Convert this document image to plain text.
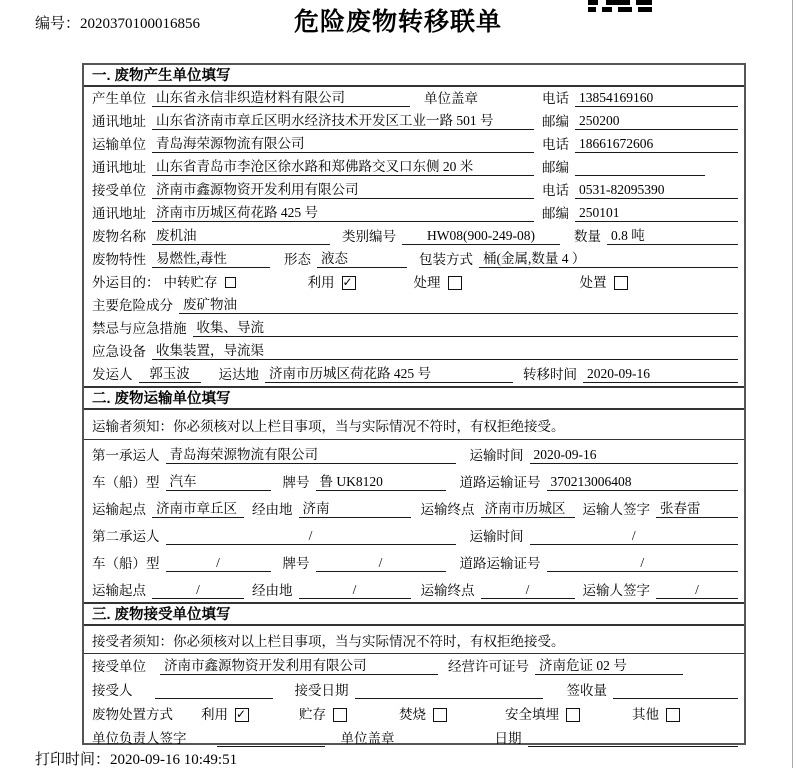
编号：2020370100016856	危险废物转移联单
一. 废物产生单位填写
产生单位 山东省永信非织造材料有限公司	单位盖章	电话 13854169160
通讯地址 山东省济南市章丘区明水经济技术开发区工业一路 501 号	邮编 250200
运输单位 青岛海荣源物流有限公司	电话 18661672606
通讯地址 山东省青岛市李沧区徐水路和郑佛路交叉口东侧 20 米	邮编
接受单位 济南市鑫源物资开发利用有限公司	电话 0531-82095390
通讯地址 济南市历城区荷花路 425 号	邮编 250101
废物名称 废机油	类别编号	HW08(900-249-08)	数量 0.8 吨
废物特性 易燃性,毒性	形态 液态	包装方式 桶(金属,数量 4 ）
外运目的： 中转贮存	利用 ✓	处理	处置
主要危险成分 废矿物油
禁忌与应急措施 收集、导流
应急设备 收集装置，导流渠
发运人	郭玉波	运达地 济南市历城区荷花路 425 号	转移时间 2020-09-16
二. 废物运输单位填写
运输者须知：你必须核对以上栏目事项，当与实际情况不符时，有权拒绝接受。
第一承运人 青岛海荣源物流有限公司	运输时间 2020-09-16
车（船）型 汽车	牌号 鲁 UK8120	道路运输证号 370213006408
运输起点 济南市章丘区	经由地 济南	运输终点 济南市历城区	运输人签字 张春雷
第二承运人	/	运输时间	/
车（船）型	/	牌号	/	道路运输证号	/
运输起点	/	经由地	/	运输终点	/	运输人签字	/
三. 废物接受单位填写
接受者须知：你必须核对以上栏目事项，当与实际情况不符时，有权拒绝接受。
接受单位 济南市鑫源物资开发利用有限公司	经营许可证号 济南危证 02 号
接受人	接受日期	签收量
废物处置方式 利用 ✓	贮存	焚烧	安全填埋	其他
单位负责人签字	单位盖章	日期
打印时间：2020-09-16 10:49:51
